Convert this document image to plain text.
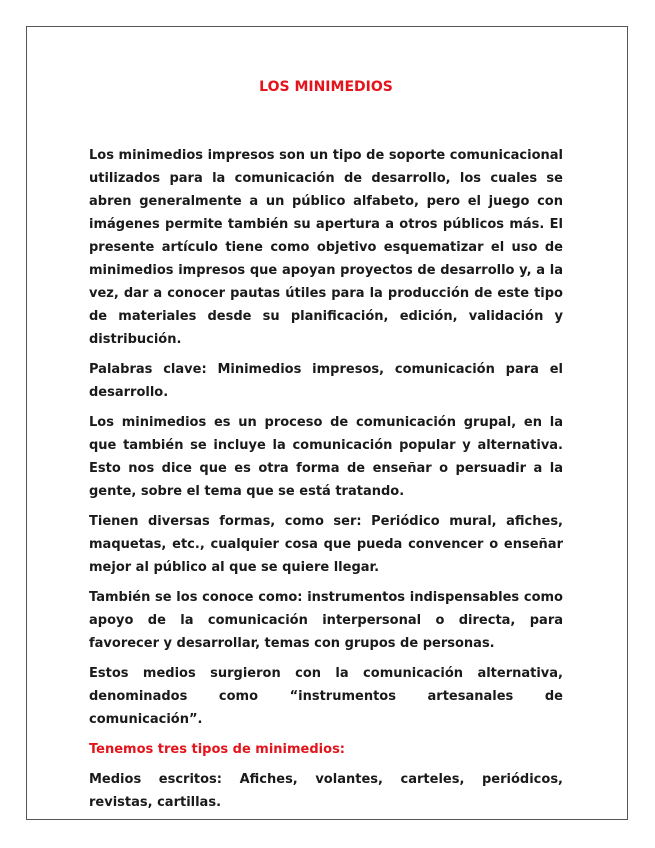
LOS MINIMEDIOS

Los minimedios impresos son un tipo de soporte comunicacional utilizados para la comunicación de desarrollo, los cuales se abren generalmente a un público alfabeto, pero el juego con imágenes permite también su apertura a otros públicos más. El presente artículo tiene como objetivo esquematizar el uso de minimedios impresos que apoyan proyectos de desarrollo y, a la vez, dar a conocer pautas útiles para la producción de este tipo de materiales desde su planificación, edición, validación y distribución.

Palabras clave: Minimedios impresos, comunicación para el desarrollo.

Los minimedios es un proceso de comunicación grupal, en la que también se incluye la comunicación popular y alternativa. Esto nos dice que es otra forma de enseñar o persuadir a la gente, sobre el tema que se está tratando.

Tienen diversas formas, como ser: Periódico mural, afiches, maquetas, etc., cualquier cosa que pueda convencer o enseñar mejor al público al que se quiere llegar.

También se los conoce como: instrumentos indispensables como apoyo de la comunicación interpersonal o directa, para favorecer y desarrollar, temas con grupos de personas.

Estos medios surgieron con la comunicación alternativa, denominados como “instrumentos artesanales de comunicación”.

Tenemos tres tipos de minimedios:

Medios escritos: Afiches, volantes, carteles, periódicos, revistas, cartillas.
